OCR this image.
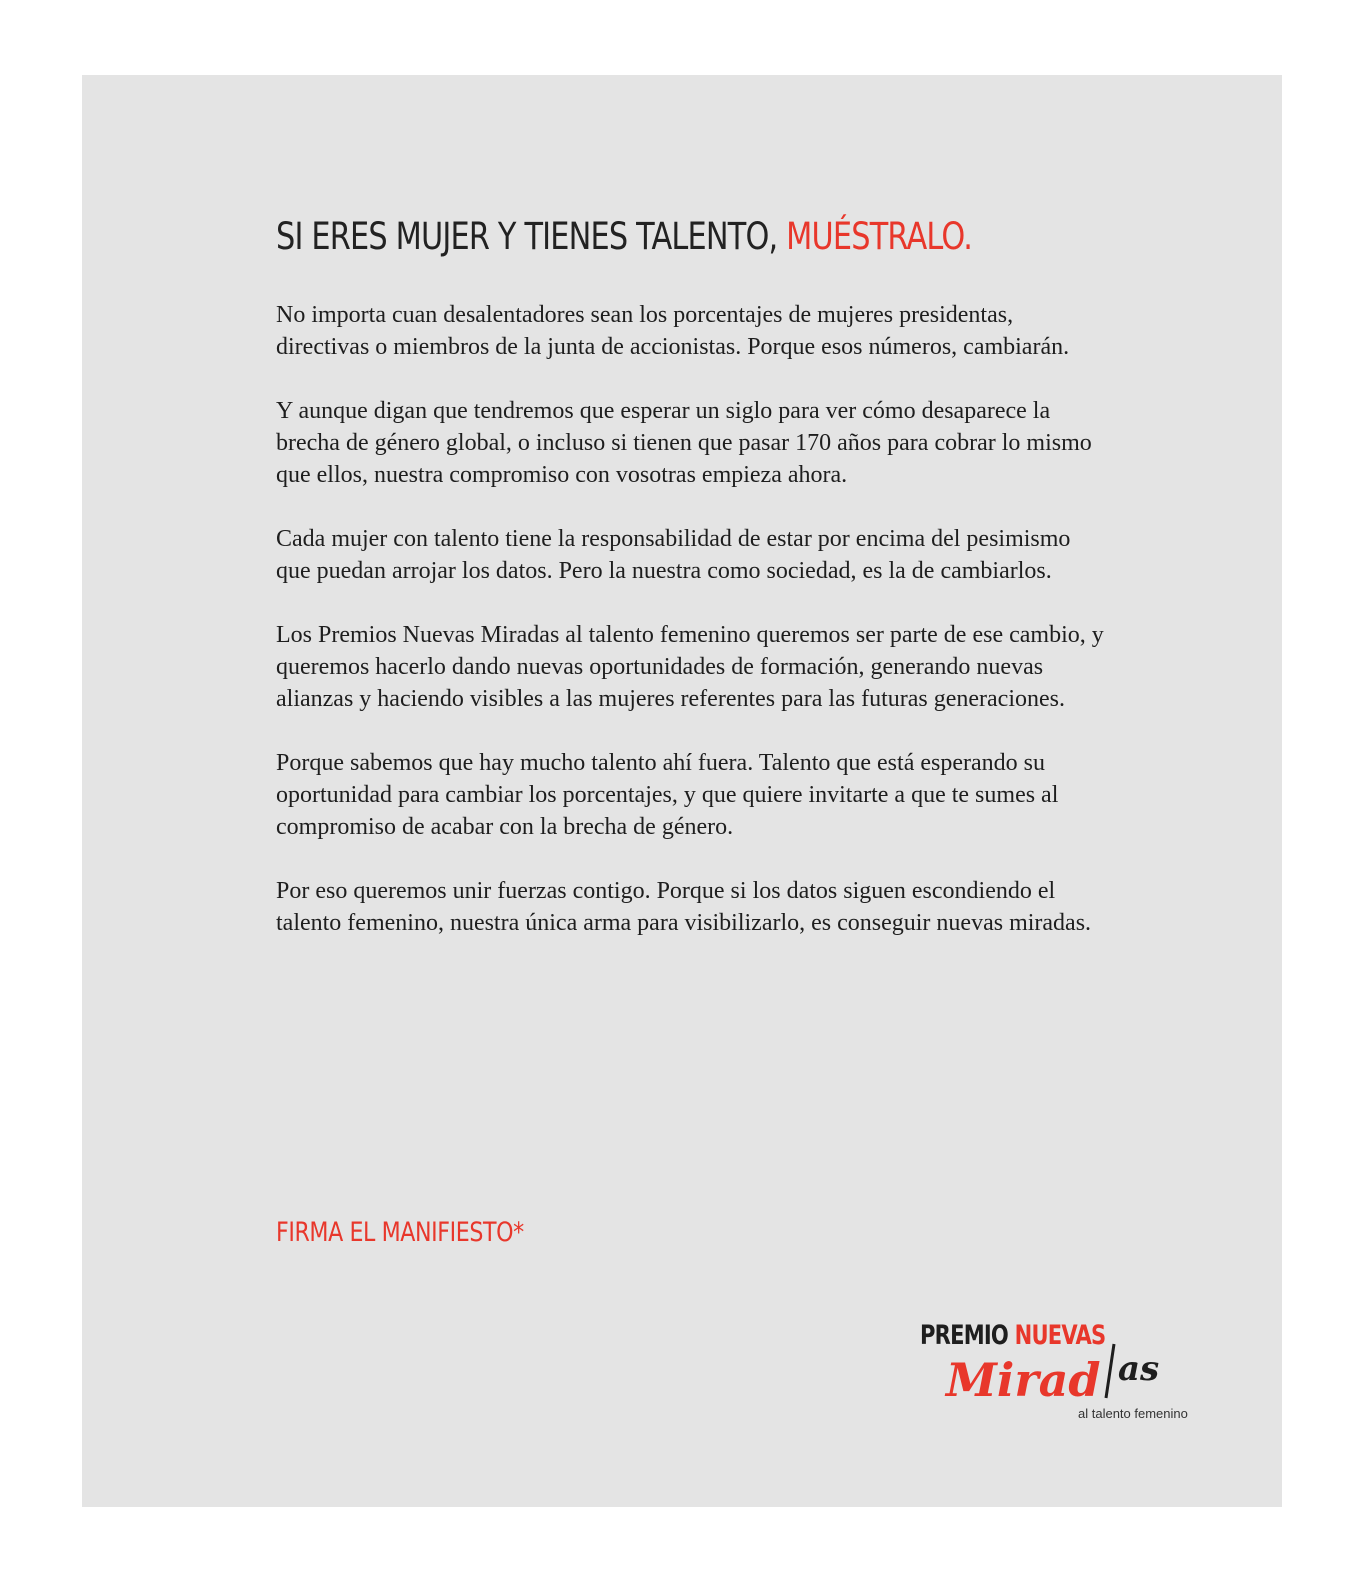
SI ERES MUJER Y TIENES TALENTO, MUÉSTRALO.

No importa cuan desalentadores sean los porcentajes de mujeres presidentas, directivas o miembros de la junta de accionistas. Porque esos números, cambiarán.

Y aunque digan que tendremos que esperar un siglo para ver cómo desaparece la brecha de género global, o incluso si tienen que pasar 170 años para cobrar lo mismo que ellos, nuestra compromiso con vosotras empieza ahora.

Cada mujer con talento tiene la responsabilidad de estar por encima del pesimismo que puedan arrojar los datos. Pero la nuestra como sociedad, es la de cambiarlos.

Los Premios Nuevas Miradas al talento femenino queremos ser parte de ese cambio, y queremos hacerlo dando nuevas oportunidades de formación, generando nuevas alianzas y haciendo visibles a las mujeres referentes para las futuras generaciones.

Porque sabemos que hay mucho talento ahí fuera. Talento que está esperando su oportunidad para cambiar los porcentajes, y que quiere invitarte a que te sumes al compromiso de acabar con la brecha de género.

Por eso queremos unir fuerzas contigo. Porque si los datos siguen escondiendo el talento femenino, nuestra única arma para visibilizarlo, es conseguir nuevas miradas.

FIRMA EL MANIFIESTO*
PREMIO NUEVAS
Mirad as
al talento femenino
